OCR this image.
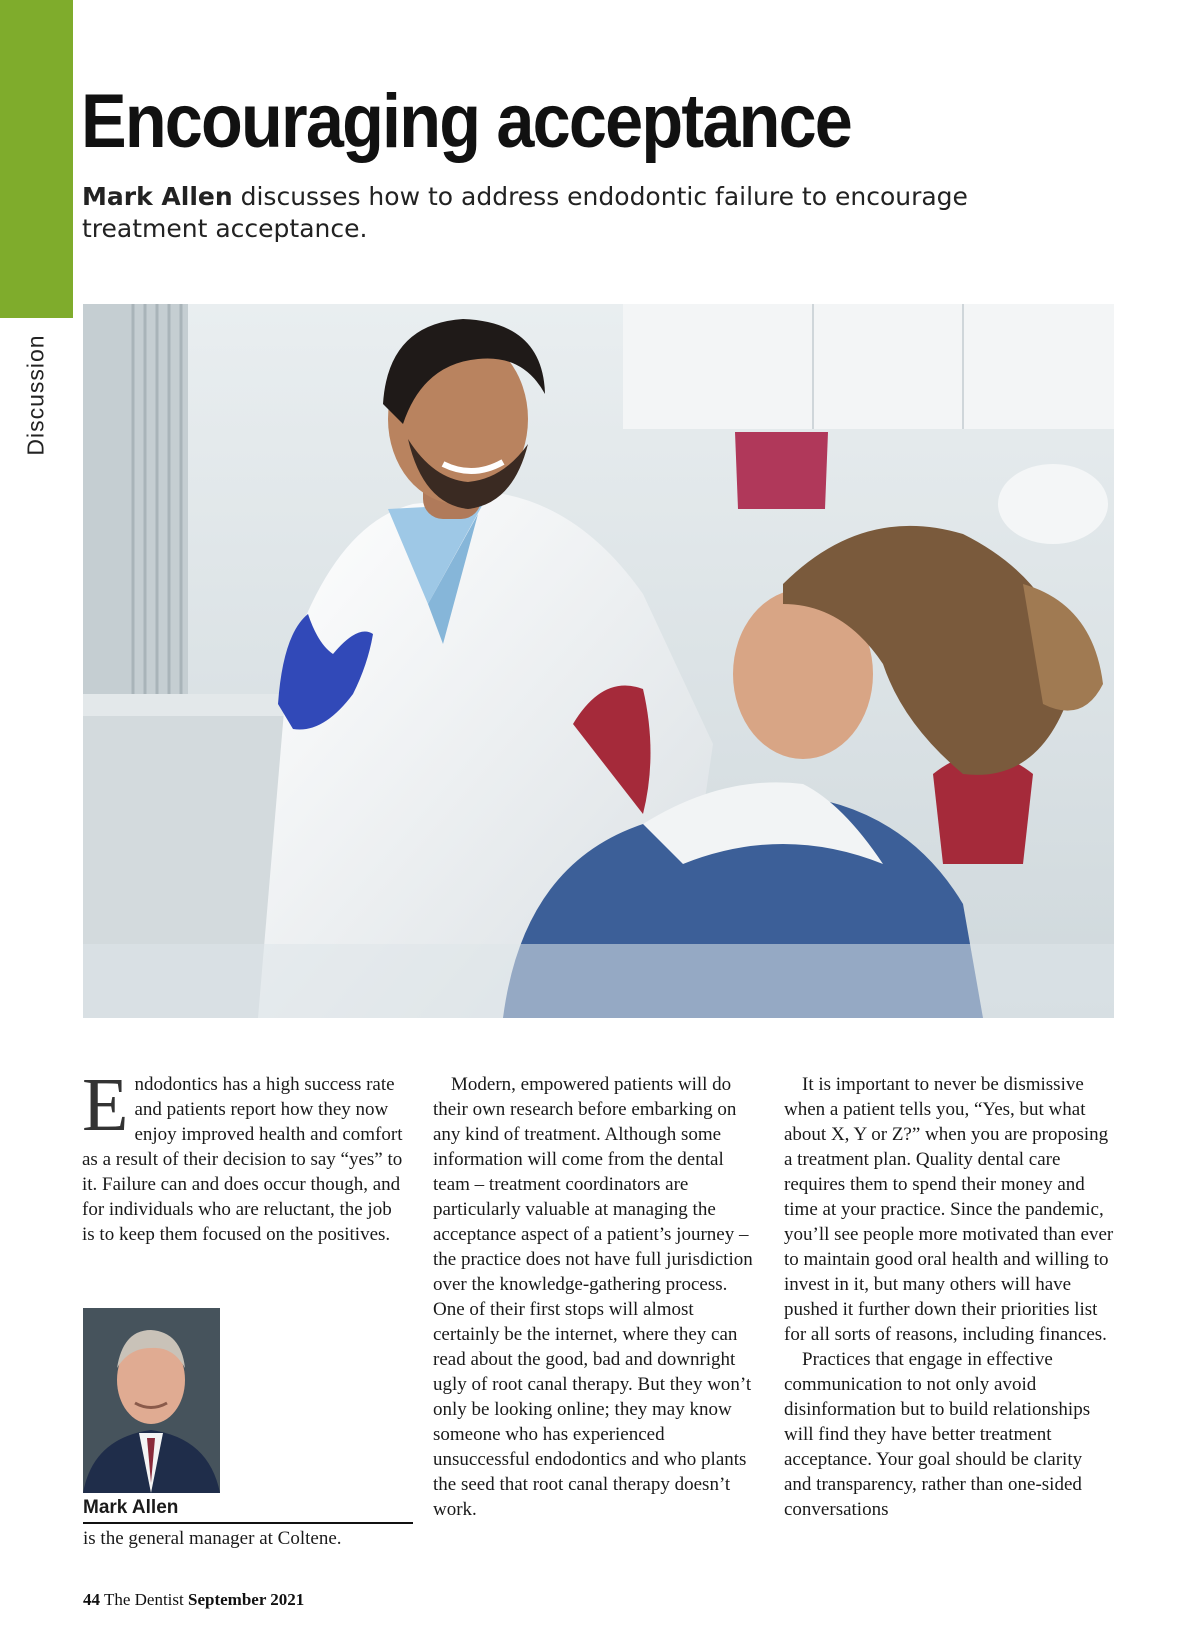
Discussion
Encouraging acceptance

Mark Allen discusses how to address endodontic failure to encourage treatment acceptance.

Endodontics has a high success rate and patients report how they now enjoy improved health and comfort as a result of their decision to say “yes” to it. Failure can and does occur though, and for individuals who are reluctant, the job is to keep them focused on the positives.

Mark Allen
is the general manager at Coltene.

Modern, empowered patients will do their own research before embarking on any kind of treatment. Although some information will come from the dental team – treatment coordinators are particularly valuable at managing the acceptance aspect of a patient’s journey – the practice does not have full jurisdiction over the knowledge-gathering process. One of their first stops will almost certainly be the internet, where they can read about the good, bad and downright ugly of root canal therapy. But they won’t only be looking online; they may know someone who has experienced unsuccessful endodontics and who plants the seed that root canal therapy doesn’t work.

It is important to never be dismissive when a patient tells you, “Yes, but what about X, Y or Z?” when you are proposing a treatment plan. Quality dental care requires them to spend their money and time at your practice. Since the pandemic, you’ll see people more motivated than ever to maintain good oral health and willing to invest in it, but many others will have pushed it further down their priorities list for all sorts of reasons, including finances.

Practices that engage in effective communication to not only avoid disinformation but to build relationships will find they have better treatment acceptance. Your goal should be clarity and transparency, rather than one-sided conversations

44 The Dentist September 2021
